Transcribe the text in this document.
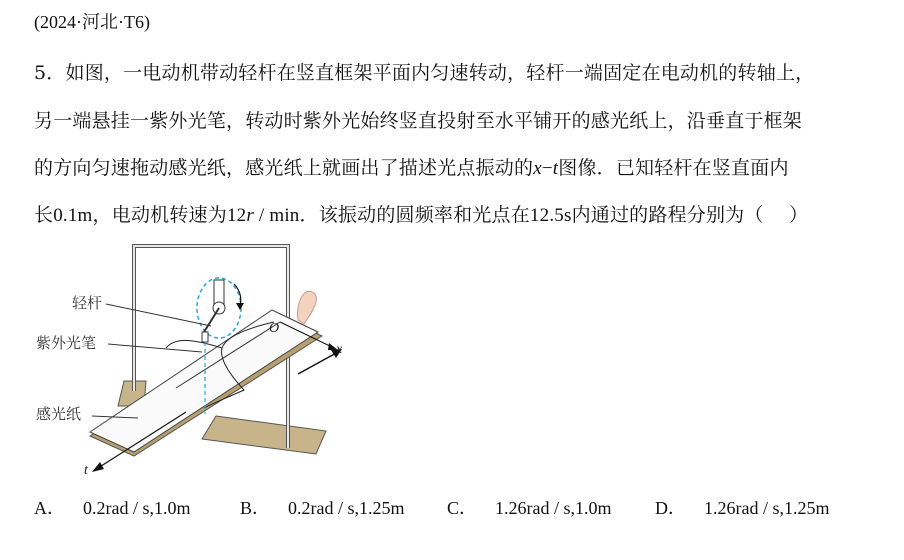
(2024·河北·T6)
5．如图，一电动机带动轻杆在竖直框架平面内匀速转动，轻杆一端固定在电动机的转轴上，
另一端悬挂一紫外光笔，转动时紫外光始终竖直投射至水平铺开的感光纸上，沿垂直于框架
的方向匀速拖动感光纸，感光纸上就画出了描述光点振动的x−t图像．已知轻杆在竖直面内
长0.1m，电动机转速为12r / min．该振动的圆频率和光点在12.5s内通过的路程分别为（　 ）
轻杆
紫外光笔
感光纸
O
x
t
A． 0.2rad / s,1.0m	B． 0.2rad / s,1.25m C． 1.26rad / s,1.0m D． 1.26rad / s,1.25m
